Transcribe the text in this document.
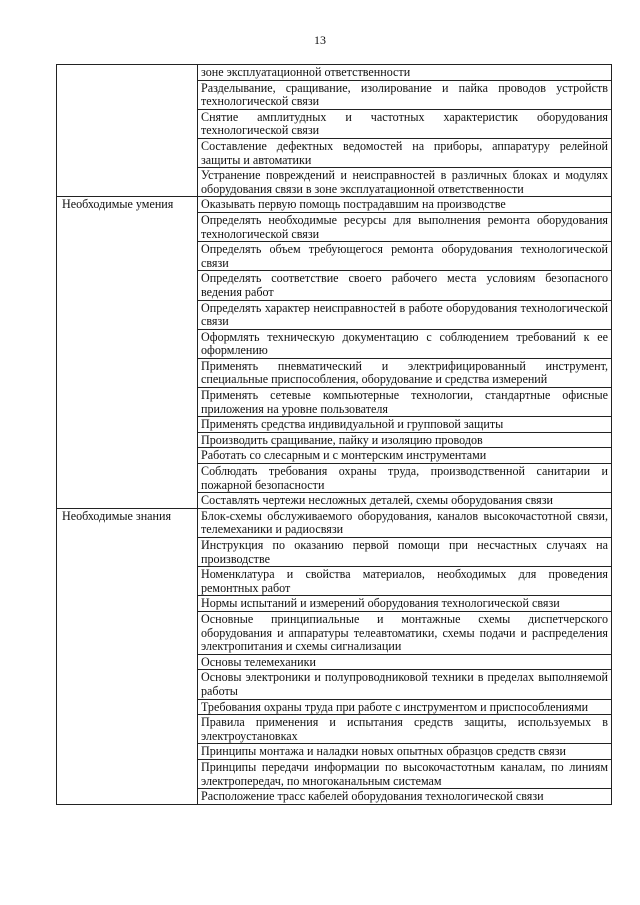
13
	зоне эксплуатационной ответственности
	Разделывание, сращивание, изолирование и пайка проводов устройств технологической связи
	Снятие амплитудных и частотных характеристик оборудования технологической связи
	Составление дефектных ведомостей на приборы, аппаратуру релейной защиты и автоматики
	Устранение повреждений и неисправностей в различных блоках и модулях оборудования связи в зоне эксплуатационной ответственности
Необходимые умения	Оказывать первую помощь пострадавшим на производстве
	Определять необходимые ресурсы для выполнения ремонта оборудования технологической связи
	Определять объем требующегося ремонта оборудования технологической связи
	Определять соответствие своего рабочего места условиям безопасного ведения работ
	Определять характер неисправностей в работе оборудования технологической связи
	Оформлять техническую документацию с соблюдением требований к ее оформлению
	Применять пневматический и электрифицированный инструмент, специальные приспособления, оборудование и средства измерений
	Применять сетевые компьютерные технологии, стандартные офисные приложения на уровне пользователя
	Применять средства индивидуальной и групповой защиты
	Производить сращивание, пайку и изоляцию проводов
	Работать со слесарным и с монтерским инструментами
	Соблюдать требования охраны труда, производственной санитарии и пожарной безопасности
	Составлять чертежи несложных деталей, схемы оборудования связи
Необходимые знания	Блок-схемы обслуживаемого оборудования, каналов высокочастотной связи, телемеханики и радиосвязи
	Инструкция по оказанию первой помощи при несчастных случаях на производстве
	Номенклатура и свойства материалов, необходимых для проведения ремонтных работ
	Нормы испытаний и измерений оборудования технологической связи
	Основные принципиальные и монтажные схемы диспетчерского оборудования и аппаратуры телеавтоматики, схемы подачи и распределения электропитания и схемы сигнализации
	Основы телемеханики
	Основы электроники и полупроводниковой техники в пределах выполняемой работы
	Требования охраны труда при работе с инструментом и приспособлениями
	Правила применения и испытания средств защиты, используемых в электроустановках
	Принципы монтажа и наладки новых опытных образцов средств связи
	Принципы передачи информации по высокочастотным каналам, по линиям электропередач, по многоканальным системам
	Расположение трасс кабелей оборудования технологической связи
